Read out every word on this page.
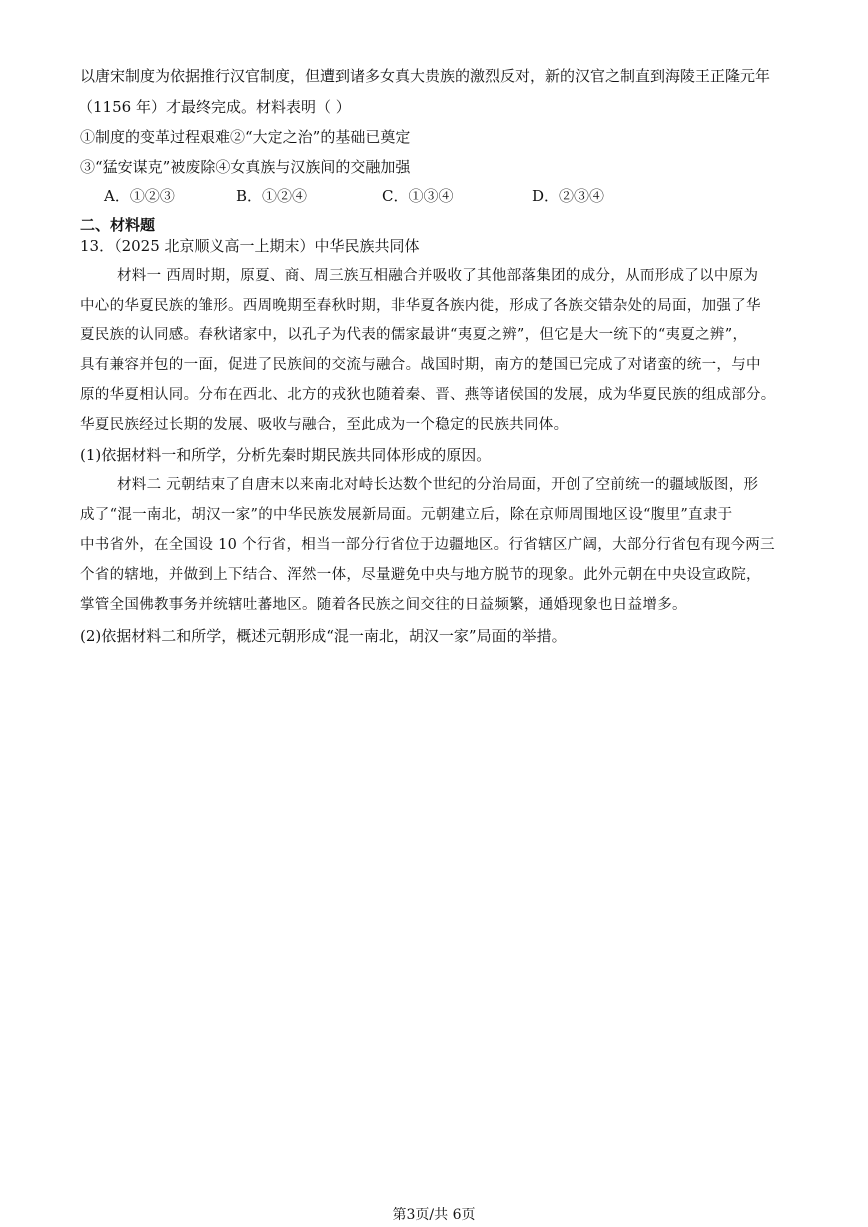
以唐宋制度为依据推行汉官制度，但遭到诸多女真大贵族的激烈反对，新的汉官之制直到海陵王正隆元年
（1156 年）才最终完成。材料表明（ ）
①制度的变革过程艰难②“大定之治”的基础已奠定
③“猛安谋克”被废除④女真族与汉族间的交融加强
A．①②③	B．①②④	C．①③④	D．②③④
二、材料题
13．（2025 北京顺义高一上期末）中华民族共同体
材料一 西周时期，原夏、商、周三族互相融合并吸收了其他部落集团的成分，从而形成了以中原为
中心的华夏民族的雏形。西周晚期至春秋时期，非华夏各族内徙，形成了各族交错杂处的局面，加强了华
夏民族的认同感。春秋诸家中，以孔子为代表的儒家最讲“夷夏之辨”，但它是大一统下的“夷夏之辨”，
具有兼容并包的一面，促进了民族间的交流与融合。战国时期，南方的楚国已完成了对诸蛮的统一，与中
原的华夏相认同。分布在西北、北方的戎狄也随着秦、晋、燕等诸侯国的发展，成为华夏民族的组成部分。
华夏民族经过长期的发展、吸收与融合，至此成为一个稳定的民族共同体。
(1)依据材料一和所学，分析先秦时期民族共同体形成的原因。
材料二 元朝结束了自唐末以来南北对峙长达数个世纪的分治局面，开创了空前统一的疆域版图，形
成了“混一南北，胡汉一家”的中华民族发展新局面。元朝建立后，除在京师周围地区设“腹里”直隶于
中书省外，在全国设 10 个行省，相当一部分行省位于边疆地区。行省辖区广阔，大部分行省包有现今两三
个省的辖地，并做到上下结合、浑然一体，尽量避免中央与地方脱节的现象。此外元朝在中央设宣政院，
掌管全国佛教事务并统辖吐蕃地区。随着各民族之间交往的日益频繁，通婚现象也日益增多。
(2)依据材料二和所学，概述元朝形成“混一南北，胡汉一家”局面的举措。
第3页/共 6页
